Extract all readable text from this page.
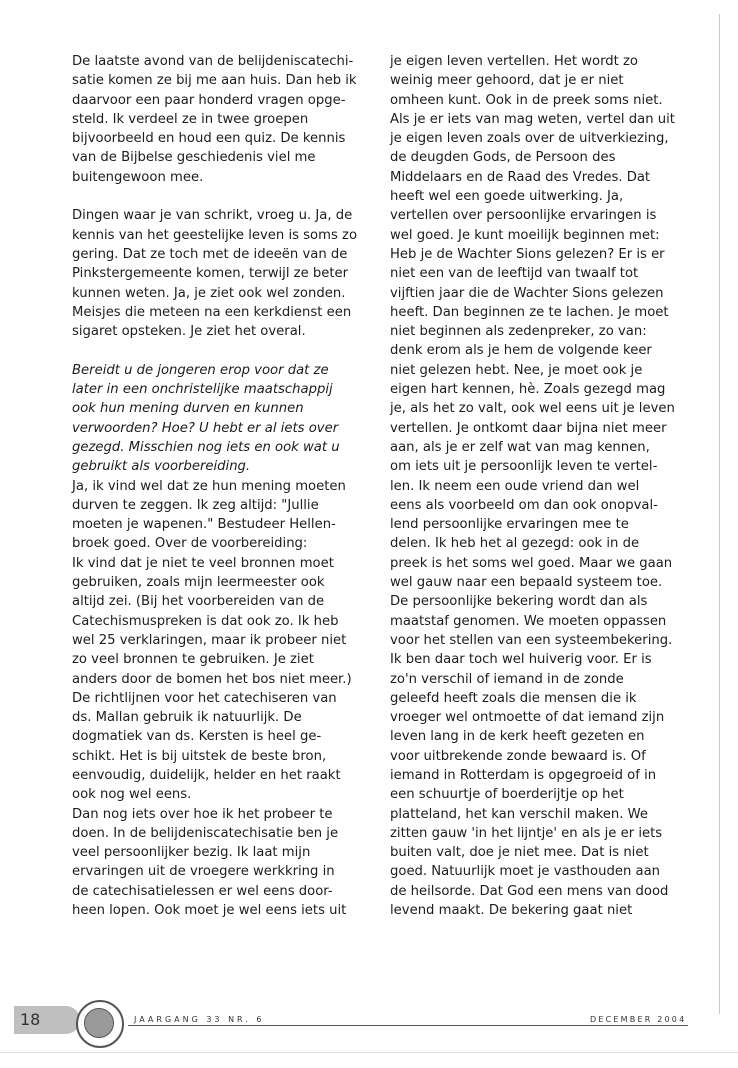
De laatste avond van de belijdeniscatechi-
satie komen ze bij me aan huis. Dan heb ik
daarvoor een paar honderd vragen opge-
steld. Ik verdeel ze in twee groepen
bijvoorbeeld en houd een quiz. De kennis
van de Bijbelse geschiedenis viel me
buitengewoon mee.

Dingen waar je van schrikt, vroeg u. Ja, de
kennis van het geestelijke leven is soms zo
gering. Dat ze toch met de ideeën van de
Pinkstergemeente komen, terwijl ze beter
kunnen weten. Ja, je ziet ook wel zonden.
Meisjes die meteen na een kerkdienst een
sigaret opsteken. Je ziet het overal.

Bereidt u de jongeren erop voor dat ze
later in een onchristelijke maatschappij
ook hun mening durven en kunnen
verwoorden? Hoe? U hebt er al iets over
gezegd. Misschien nog iets en ook wat u
gebruikt als voorbereiding.

Ja, ik vind wel dat ze hun mening moeten
durven te zeggen. Ik zeg altijd: "Jullie
moeten je wapenen." Bestudeer Hellen-
broek goed. Over de voorbereiding:
Ik vind dat je niet te veel bronnen moet
gebruiken, zoals mijn leermeester ook
altijd zei. (Bij het voorbereiden van de
Catechismuspreken is dat ook zo. Ik heb
wel 25 verklaringen, maar ik probeer niet
zo veel bronnen te gebruiken. Je ziet
anders door de bomen het bos niet meer.)
De richtlijnen voor het catechiseren van
ds. Mallan gebruik ik natuurlijk. De
dogmatiek van ds. Kersten is heel ge-
schikt. Het is bij uitstek de beste bron,
eenvoudig, duidelijk, helder en het raakt
ook nog wel eens.
Dan nog iets over hoe ik het probeer te
doen. In de belijdeniscatechisatie ben je
veel persoonlijker bezig. Ik laat mijn
ervaringen uit de vroegere werkkring in
de catechisatielessen er wel eens door-
heen lopen. Ook moet je wel eens iets uit

je eigen leven vertellen. Het wordt zo
weinig meer gehoord, dat je er niet
omheen kunt. Ook in de preek soms niet.
Als je er iets van mag weten, vertel dan uit
je eigen leven zoals over de uitverkiezing,
de deugden Gods, de Persoon des
Middelaars en de Raad des Vredes. Dat
heeft wel een goede uitwerking. Ja,
vertellen over persoonlijke ervaringen is
wel goed. Je kunt moeilijk beginnen met:
Heb je de Wachter Sions gelezen? Er is er
niet een van de leeftijd van twaalf tot
vijftien jaar die de Wachter Sions gelezen
heeft. Dan beginnen ze te lachen. Je moet
niet beginnen als zedenpreker, zo van:
denk erom als je hem de volgende keer
niet gelezen hebt. Nee, je moet ook je
eigen hart kennen, hè. Zoals gezegd mag
je, als het zo valt, ook wel eens uit je leven
vertellen. Je ontkomt daar bijna niet meer
aan, als je er zelf wat van mag kennen,
om iets uit je persoonlijk leven te vertel-
len. Ik neem een oude vriend dan wel
eens als voorbeeld om dan ook onopval-
lend persoonlijke ervaringen mee te
delen. Ik heb het al gezegd: ook in de
preek is het soms wel goed. Maar we gaan
wel gauw naar een bepaald systeem toe.
De persoonlijke bekering wordt dan als
maatstaf genomen. We moeten oppassen
voor het stellen van een systeembekering.
Ik ben daar toch wel huiverig voor. Er is
zo'n verschil of iemand in de zonde
geleefd heeft zoals die mensen die ik
vroeger wel ontmoette of dat iemand zijn
leven lang in de kerk heeft gezeten en
voor uitbrekende zonde bewaard is. Of
iemand in Rotterdam is opgegroeid of in
een schuurtje of boerderijtje op het
platteland, het kan verschil maken. We
zitten gauw 'in het lijntje' en als je er iets
buiten valt, doe je niet mee. Dat is niet
goed. Natuurlijk moet je vasthouden aan
de heilsorde. Dat God een mens van dood
levend maakt. De bekering gaat niet

18	JAARGANG 33 NR. 6	DECEMBER 2004
